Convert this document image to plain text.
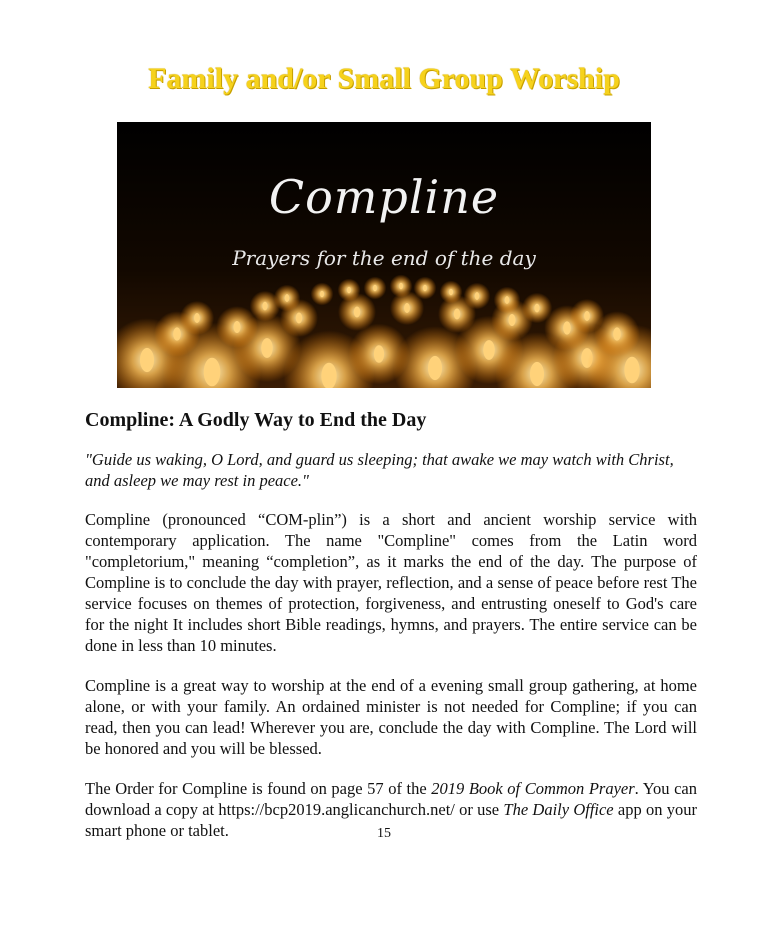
Family and/or Small Group Worship
Compline
Prayers for the end of the day
Compline: A Godly Way to End the Day

"Guide us waking, O Lord, and guard us sleeping; that awake we may watch with Christ, and asleep we may rest in peace."

Compline (pronounced “COM-plin”) is a short and ancient worship service with contemporary application. The name "Compline" comes from the Latin word "completorium," meaning “completion”, as it marks the end of the day. The purpose of Compline is to conclude the day with prayer, reflection, and a sense of peace before rest The service focuses on themes of protection, forgiveness, and entrusting oneself to God's care for the night It includes short Bible readings, hymns, and prayers. The entire service can be done in less than 10 minutes.

Compline is a great way to worship at the end of a evening small group gathering, at home alone, or with your family. An ordained minister is not needed for Compline; if you can read, then you can lead! Wherever you are, conclude the day with Compline. The Lord will be honored and you will be blessed.

The Order for Compline is found on page 57 of the 2019 Book of Common Prayer. You can download a copy at https://bcp2019.anglicanchurch.net/ or use The Daily Office app on your smart phone or tablet.	15
